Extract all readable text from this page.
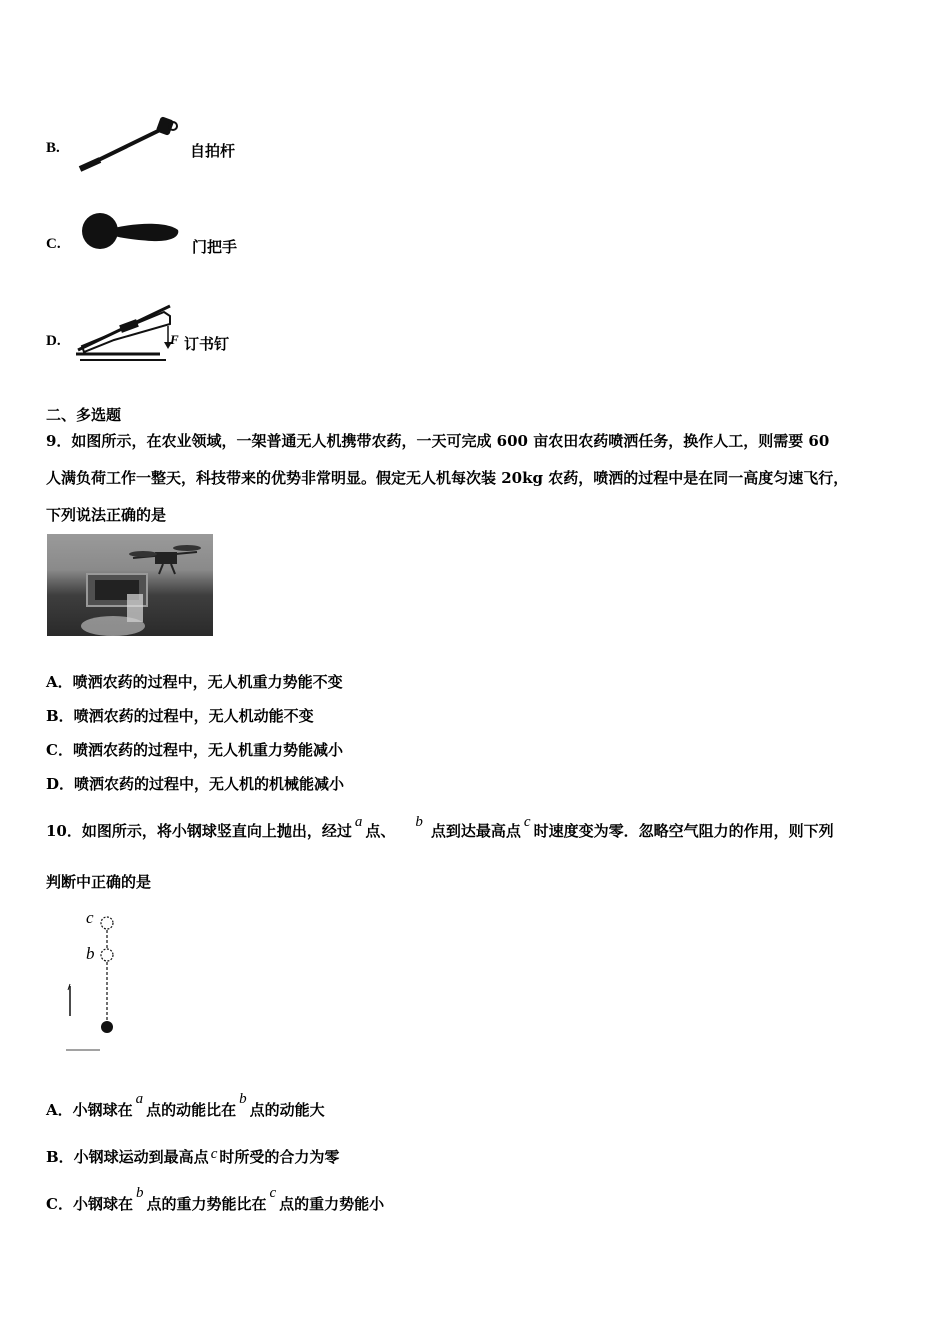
B.	自拍杆
C.	门把手
D.	F 订书钉
二、多选题
9．如图所示，在农业领域，一架普通无人机携带农药，一天可完成 600 亩农田农药喷洒任务，换作人工，则需要 60
人满负荷工作一整天，科技带来的优势非常明显。假定无人机每次装 20kg 农药，喷洒的过程中是在同一高度匀速飞行，
下列说法正确的是
A．喷洒农药的过程中，无人机重力势能不变
B．喷洒农药的过程中，无人机动能不变
C．喷洒农药的过程中，无人机重力势能减小
D．喷洒农药的过程中，无人机的机械能减小
10．如图所示，将小钢球竖直向上抛出，经过 a 点、 b 点到达最高点 c 时速度变为零．忽略空气阻力的作用，则下列
判断中正确的是
c
b
A．小钢球在a点的动能比在b点的动能大
B．小钢球运动到最高点 c 时所受的合力为零
C．小钢球在b点的重力势能比在c点的重力势能小
